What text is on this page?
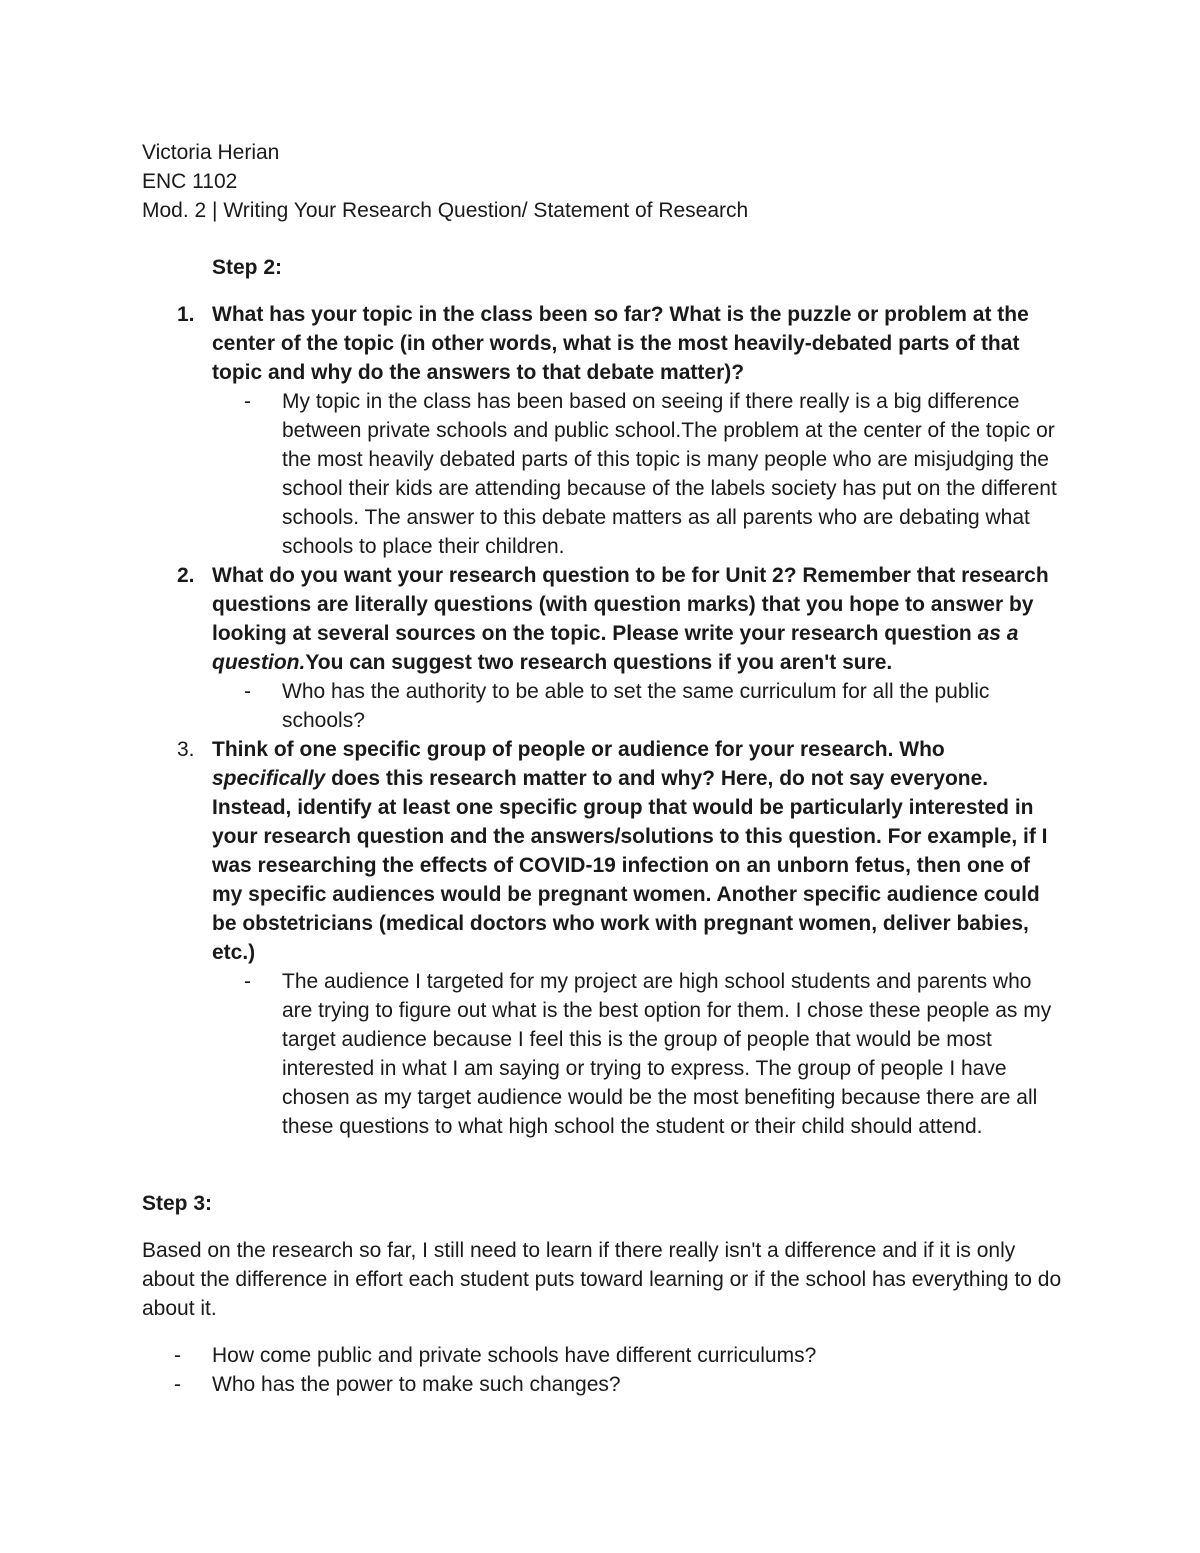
Victoria Herian
ENC 1102
Mod. 2 | Writing Your Research Question/ Statement of Research
Step 2:
1. What has your topic in the class been so far? What is the puzzle or problem at the center of the topic (in other words, what is the most heavily-debated parts of that topic and why do the answers to that debate matter)?
- My topic in the class has been based on seeing if there really is a big difference between private schools and public school.The problem at the center of the topic or the most heavily debated parts of this topic is many people who are misjudging the school their kids are attending because of the labels society has put on the different schools. The answer to this debate matters as all parents who are debating what schools to place their children.
2. What do you want your research question to be for Unit 2? Remember that research questions are literally questions (with question marks) that you hope to answer by looking at several sources on the topic. Please write your research question as a question.You can suggest two research questions if you aren't sure.
- Who has the authority to be able to set the same curriculum for all the public schools?
3. Think of one specific group of people or audience for your research. Who specifically does this research matter to and why? Here, do not say everyone. Instead, identify at least one specific group that would be particularly interested in your research question and the answers/solutions to this question. For example, if I was researching the effects of COVID-19 infection on an unborn fetus, then one of my specific audiences would be pregnant women. Another specific audience could be obstetricians (medical doctors who work with pregnant women, deliver babies, etc.)
- The audience I targeted for my project are high school students and parents who are trying to figure out what is the best option for them. I chose these people as my target audience because I feel this is the group of people that would be most interested in what I am saying or trying to express. The group of people I have chosen as my target audience would be the most benefiting because there are all these questions to what high school the student or their child should attend.
Step 3:
Based on the research so far, I still need to learn if there really isn't a difference and if it is only about the difference in effort each student puts toward learning or if the school has everything to do about it.
- How come public and private schools have different curriculums?
- Who has the power to make such changes?
